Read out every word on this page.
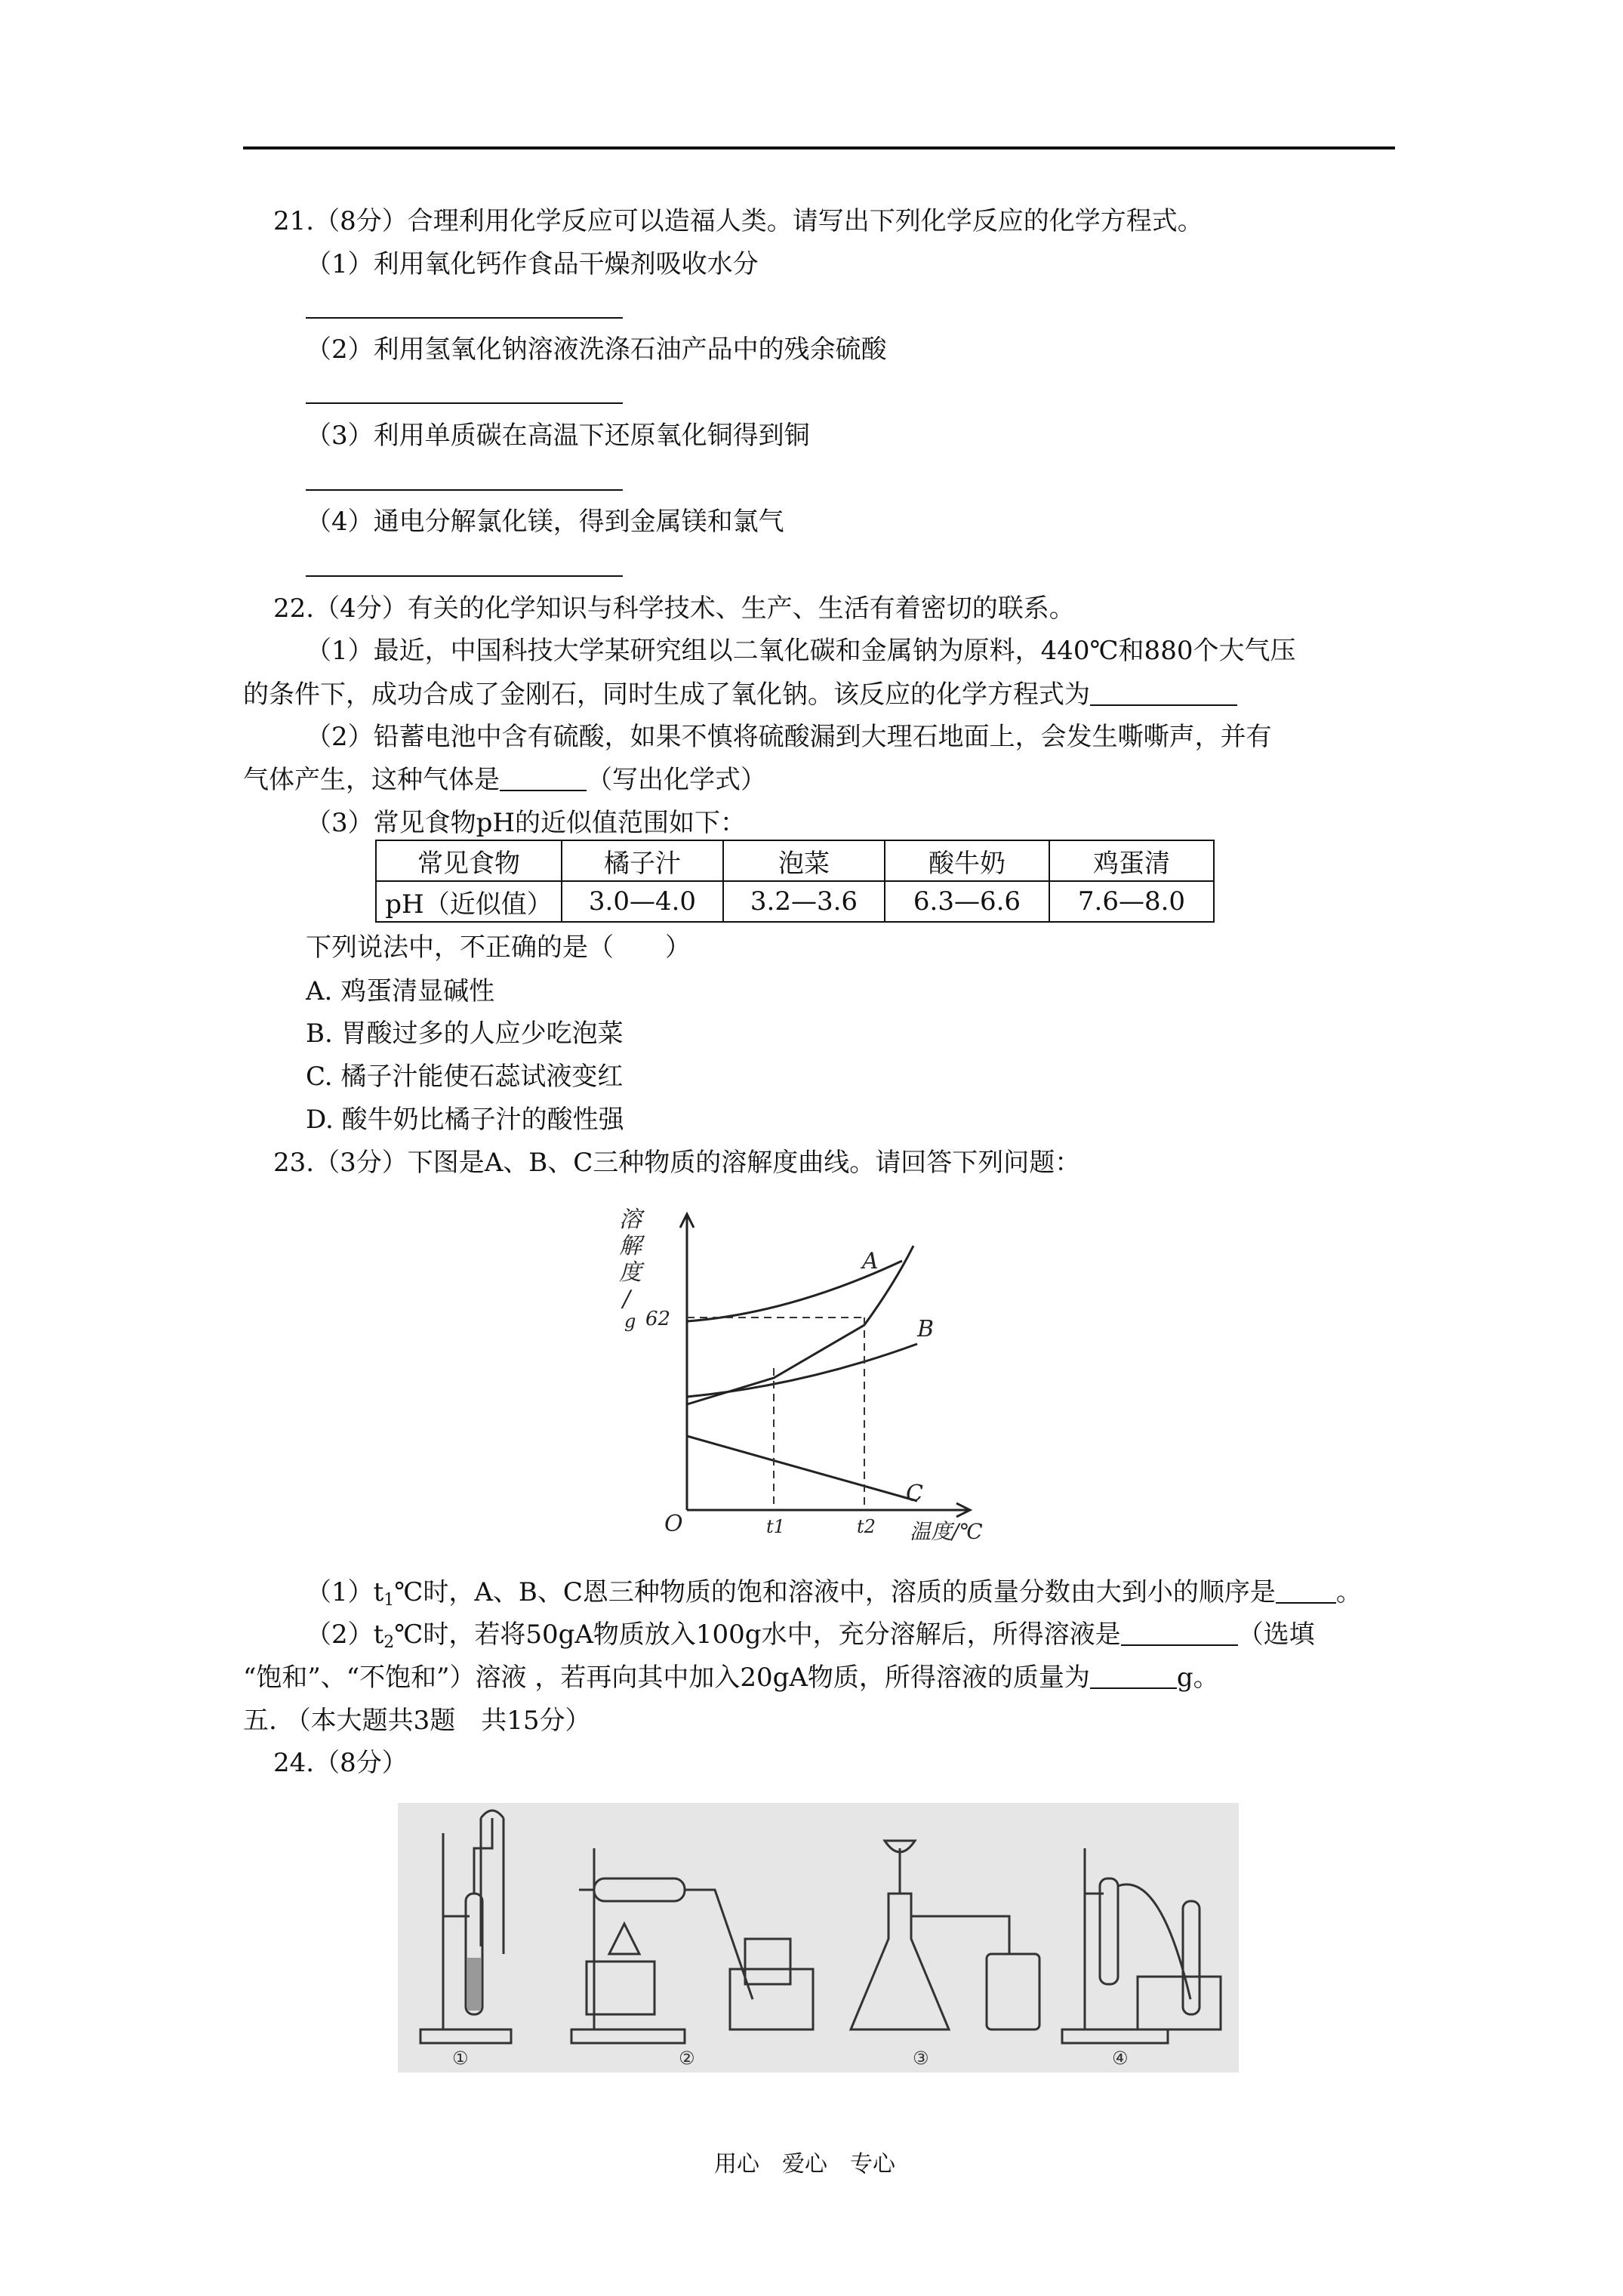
21.（8分）合理利用化学反应可以造福人类。请写出下列化学反应的化学方程式。
（1）利用氧化钙作食品干燥剂吸收水分
（2）利用氢氧化钠溶液洗涤石油产品中的残余硫酸
（3）利用单质碳在高温下还原氧化铜得到铜
（4）通电分解氯化镁，得到金属镁和氯气
22.（4分）有关的化学知识与科学技术、生产、生活有着密切的联系。
（1）最近，中国科技大学某研究组以二氧化碳和金属钠为原料，440℃和880个大气压
的条件下，成功合成了金刚石，同时生成了氧化钠。该反应的化学方程式为
（2）铅蓄电池中含有硫酸，如果不慎将硫酸漏到大理石地面上，会发生嘶嘶声，并有
气体产生，这种气体是	（写出化学式）
（3）常见食物pH的近似值范围如下：
常见食物	橘子汁	泡菜	酸牛奶	鸡蛋清
pH（近似值）	3.0—4.0	3.2—3.6	6.3—6.6	7.6—8.0
下列说法中，不正确的是（　　）
A. 鸡蛋清显碱性
B. 胃酸过多的人应少吃泡菜
C. 橘子汁能使石蕊试液变红
D. 酸牛奶比橘子汁的酸性强
23.（3分）下图是A、B、C三种物质的溶解度曲线。请回答下列问题：
溶
解
度
/
g 62
O	t1	t2 温度/℃
A
B
C
$(1)t_1℃$时，A、B、C恩三种物质的饱和溶液中，溶质的质量分数由大到小的顺序是 。
$(2)t_2℃$时，若将50gA物质放入100g水中，充分溶解后，所得溶液是	（选填
“饱和”、“不饱和”）溶液 ，若再向其中加入20gA物质，所得溶液的质量为	g。
五. （本大题共3题　共15分）
24.（8分）
①	②	③	④
用心　爱心　专心
